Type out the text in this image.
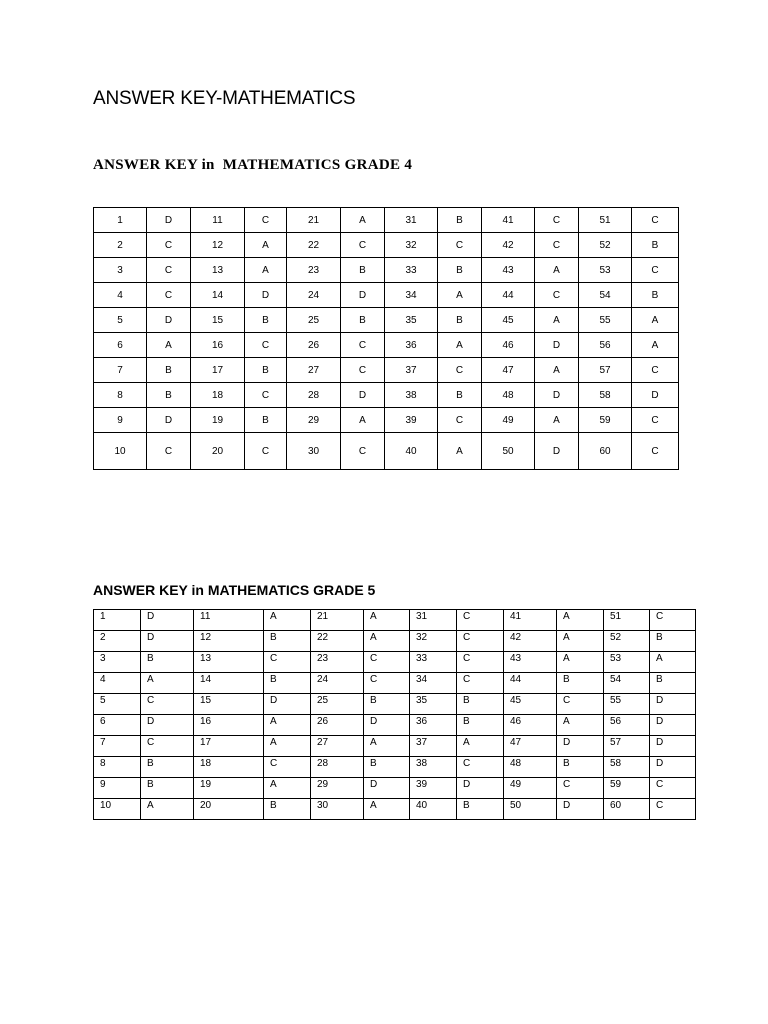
ANSWER KEY-MATHEMATICS
ANSWER KEY in  MATHEMATICS GRADE 4
1	D	11	C	21	A	31	B	41	C	51	C
2	C	12	A	22	C	32	C	42	C	52	B
3	C	13	A	23	B	33	B	43	A	53	C
4	C	14	D	24	D	34	A	44	C	54	B
5	D	15	B	25	B	35	B	45	A	55	A
6	A	16	C	26	C	36	A	46	D	56	A
7	B	17	B	27	C	37	C	47	A	57	C
8	B	18	C	28	D	38	B	48	D	58	D
9	D	19	B	29	A	39	C	49	A	59	C
10	C	20	C	30	C	40	A	50	D	60	C
ANSWER KEY in MATHEMATICS GRADE 5
1	D	11	A	21	A	31	C	41	A	51	C
2	D	12	B	22	A	32	C	42	A	52	B
3	B	13	C	23	C	33	C	43	A	53	A
4	A	14	B	24	C	34	C	44	B	54	B
5	C	15	D	25	B	35	B	45	C	55	D
6	D	16	A	26	D	36	B	46	A	56	D
7	C	17	A	27	A	37	A	47	D	57	D
8	B	18	C	28	B	38	C	48	B	58	D
9	B	19	A	29	D	39	D	49	C	59	C
10	A	20	B	30	A	40	B	50	D	60	C
